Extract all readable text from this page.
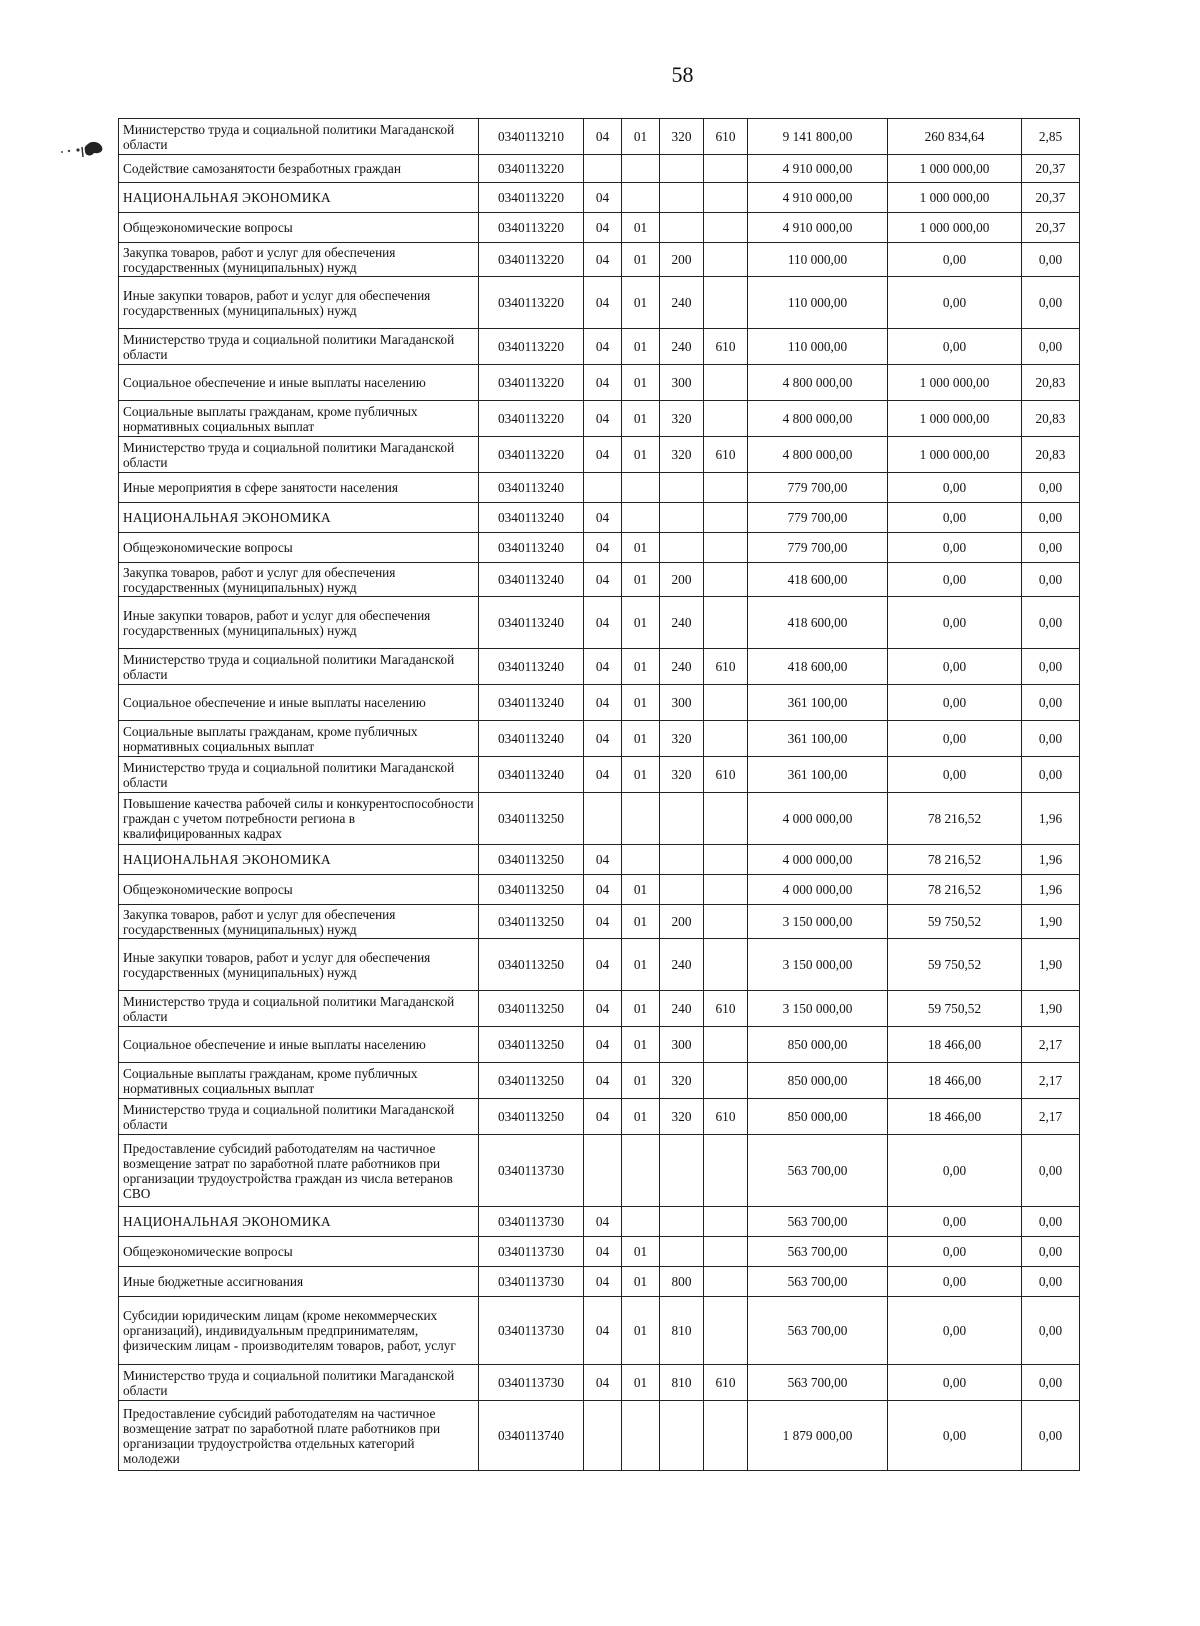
58
Министерство труда и социальной политики Магаданской области	0340113210	04	01	320	610	9 141 800,00	260 834,64	2,85
Содействие самозанятости безработных граждан	0340113220					4 910 000,00	1 000 000,00	20,37
НАЦИОНАЛЬНАЯ ЭКОНОМИКА	0340113220	04				4 910 000,00	1 000 000,00	20,37
Общеэкономические вопросы	0340113220	04	01			4 910 000,00	1 000 000,00	20,37
Закупка товаров, работ и услуг для обеспечения государственных (муниципальных) нужд	0340113220	04	01	200		110 000,00	0,00	0,00
Иные закупки товаров, работ и услуг для обеспечения государственных (муниципальных) нужд	0340113220	04	01	240		110 000,00	0,00	0,00
Министерство труда и социальной политики Магаданской области	0340113220	04	01	240	610	110 000,00	0,00	0,00
Социальное обеспечение и иные выплаты населению	0340113220	04	01	300		4 800 000,00	1 000 000,00	20,83
Социальные выплаты гражданам, кроме публичных нормативных социальных выплат	0340113220	04	01	320		4 800 000,00	1 000 000,00	20,83
Министерство труда и социальной политики Магаданской области	0340113220	04	01	320	610	4 800 000,00	1 000 000,00	20,83
Иные мероприятия в сфере занятости населения	0340113240					779 700,00	0,00	0,00
НАЦИОНАЛЬНАЯ ЭКОНОМИКА	0340113240	04				779 700,00	0,00	0,00
Общеэкономические вопросы	0340113240	04	01			779 700,00	0,00	0,00
Закупка товаров, работ и услуг для обеспечения государственных (муниципальных) нужд	0340113240	04	01	200		418 600,00	0,00	0,00
Иные закупки товаров, работ и услуг для обеспечения государственных (муниципальных) нужд	0340113240	04	01	240		418 600,00	0,00	0,00
Министерство труда и социальной политики Магаданской области	0340113240	04	01	240	610	418 600,00	0,00	0,00
Социальное обеспечение и иные выплаты населению	0340113240	04	01	300		361 100,00	0,00	0,00
Социальные выплаты гражданам, кроме публичных нормативных социальных выплат	0340113240	04	01	320		361 100,00	0,00	0,00
Министерство труда и социальной политики Магаданской области	0340113240	04	01	320	610	361 100,00	0,00	0,00
Повышение качества рабочей силы и конкурентоспособности граждан с учетом потребности региона в квалифицированных кадрах	0340113250					4 000 000,00	78 216,52	1,96
НАЦИОНАЛЬНАЯ ЭКОНОМИКА	0340113250	04				4 000 000,00	78 216,52	1,96
Общеэкономические вопросы	0340113250	04	01			4 000 000,00	78 216,52	1,96
Закупка товаров, работ и услуг для обеспечения государственных (муниципальных) нужд	0340113250	04	01	200		3 150 000,00	59 750,52	1,90
Иные закупки товаров, работ и услуг для обеспечения государственных (муниципальных) нужд	0340113250	04	01	240		3 150 000,00	59 750,52	1,90
Министерство труда и социальной политики Магаданской области	0340113250	04	01	240	610	3 150 000,00	59 750,52	1,90
Социальное обеспечение и иные выплаты населению	0340113250	04	01	300		850 000,00	18 466,00	2,17
Социальные выплаты гражданам, кроме публичных нормативных социальных выплат	0340113250	04	01	320		850 000,00	18 466,00	2,17
Министерство труда и социальной политики Магаданской области	0340113250	04	01	320	610	850 000,00	18 466,00	2,17
Предоставление субсидий работодателям на частичное возмещение затрат по заработной плате работников при организации трудоустройства граждан из числа ветеранов СВО	0340113730					563 700,00	0,00	0,00
НАЦИОНАЛЬНАЯ ЭКОНОМИКА	0340113730	04				563 700,00	0,00	0,00
Общеэкономические вопросы	0340113730	04	01			563 700,00	0,00	0,00
Иные бюджетные ассигнования	0340113730	04	01	800		563 700,00	0,00	0,00
Субсидии юридическим лицам (кроме некоммерческих организаций), индивидуальным предпринимателям, физическим лицам - производителям товаров, работ, услуг	0340113730	04	01	810		563 700,00	0,00	0,00
Министерство труда и социальной политики Магаданской области	0340113730	04	01	810	610	563 700,00	0,00	0,00
Предоставление субсидий работодателям на частичное возмещение затрат по заработной плате работников при организации трудоустройства отдельных категорий молодежи	0340113740					1 879 000,00	0,00	0,00
